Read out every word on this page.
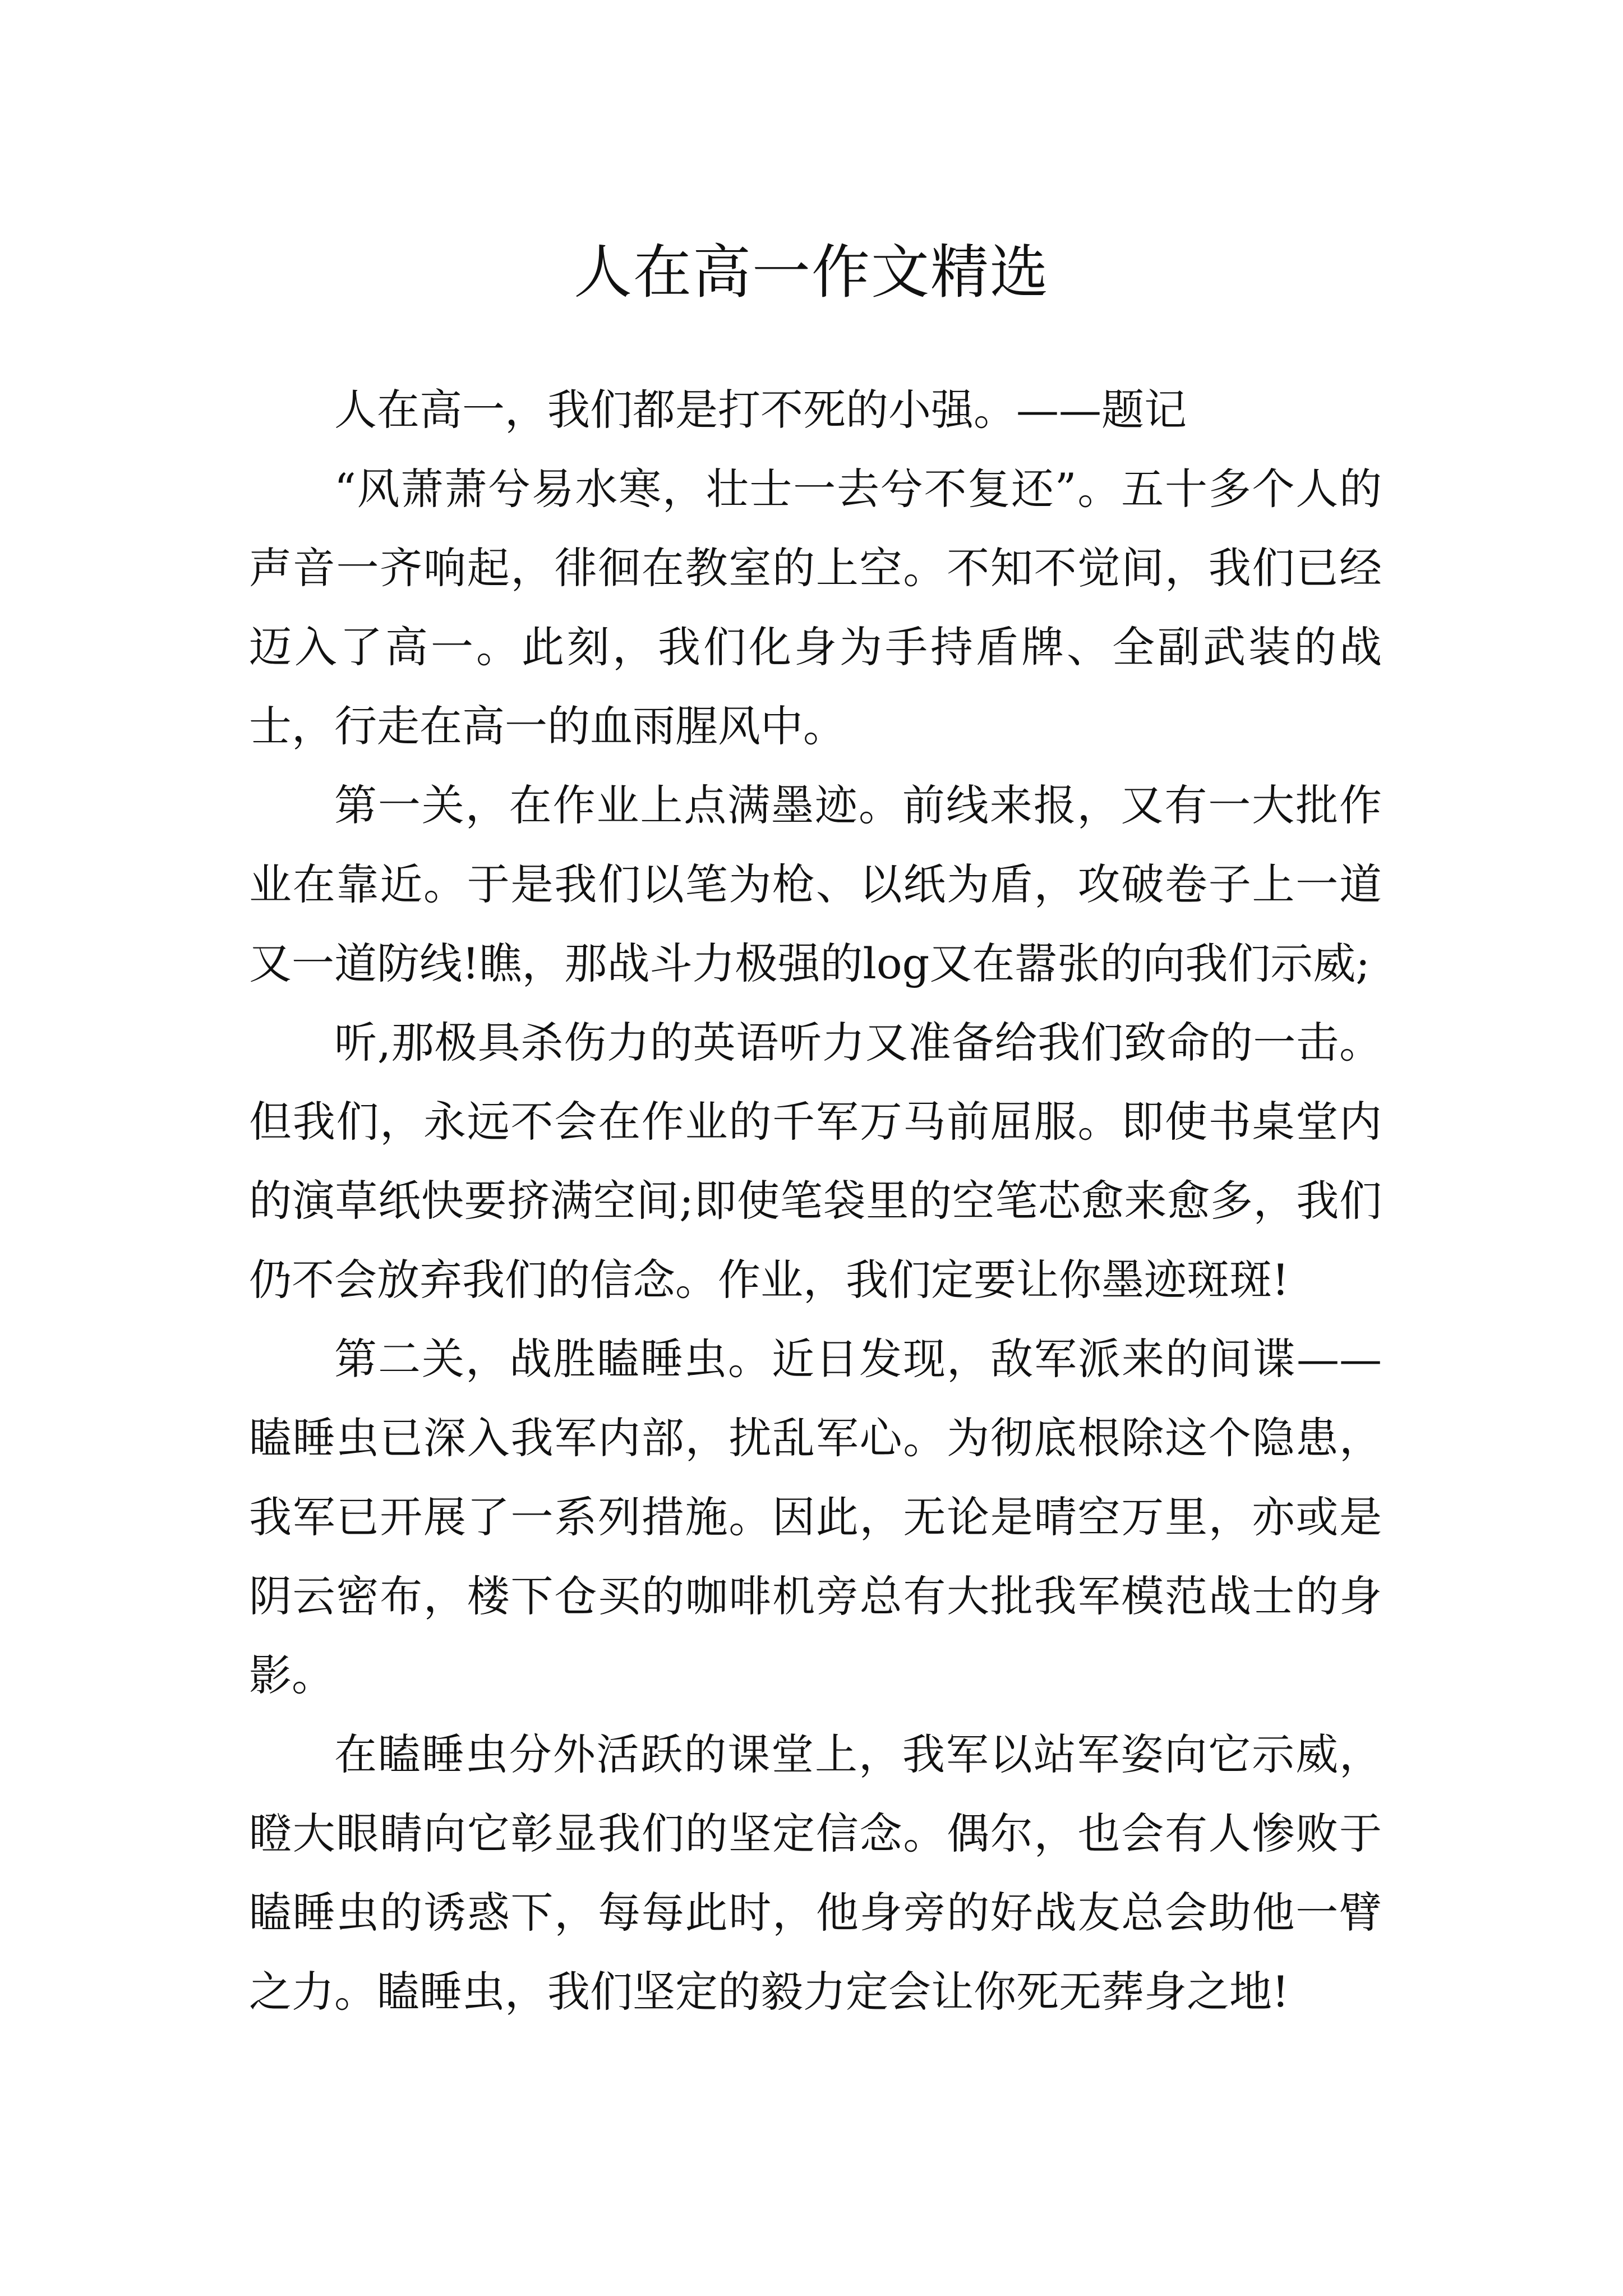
人在高一作文精选

人在高一，我们都是打不死的小强。——题记

“风萧萧兮易水寒，壮士一去兮不复还”。五十多个人的声音一齐响起，徘徊在教室的上空。不知不觉间，我们已经迈入了高一。此刻，我们化身为手持盾牌、全副武装的战士，行走在高一的血雨腥风中。

第一关，在作业上点满墨迹。前线来报，又有一大批作业在靠近。于是我们以笔为枪、以纸为盾，攻破卷子上一道又一道防线!瞧，那战斗力极强的log又在嚣张的向我们示威;

听,那极具杀伤力的英语听力又准备给我们致命的一击。但我们，永远不会在作业的千军万马前屈服。即使书桌堂内的演草纸快要挤满空间;即使笔袋里的空笔芯愈来愈多，我们仍不会放弃我们的信念。作业，我们定要让你墨迹斑斑!

第二关，战胜瞌睡虫。近日发现，敌军派来的间谍——瞌睡虫已深入我军内部，扰乱军心。为彻底根除这个隐患，我军已开展了一系列措施。因此，无论是晴空万里，亦或是阴云密布，楼下仓买的咖啡机旁总有大批我军模范战士的身影。

在瞌睡虫分外活跃的课堂上，我军以站军姿向它示威，瞪大眼睛向它彰显我们的坚定信念。偶尔，也会有人惨败于瞌睡虫的诱惑下，每每此时，他身旁的好战友总会助他一臂之力。瞌睡虫，我们坚定的毅力定会让你死无葬身之地!
